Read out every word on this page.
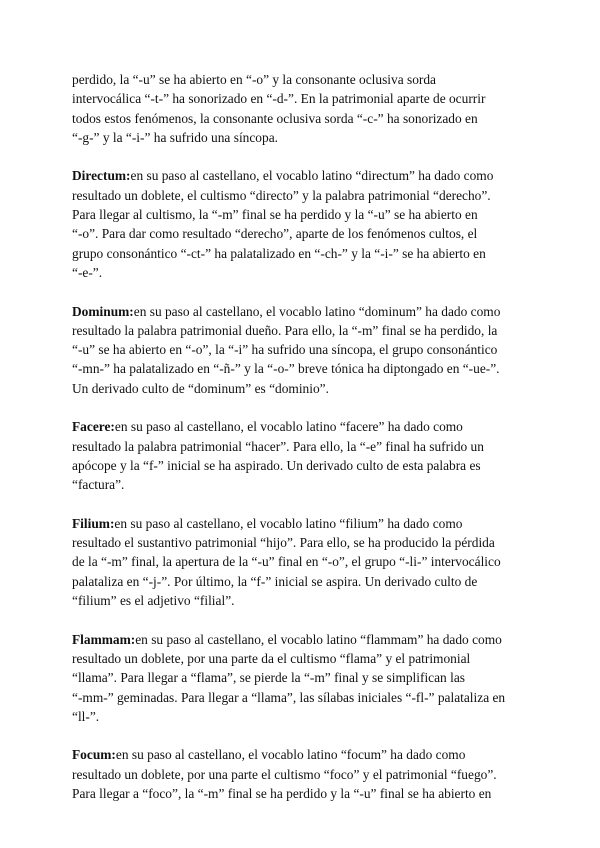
perdido, la “-u” se ha abierto en “-o” y la consonante oclusiva sorda
intervocálica “-t-” ha sonorizado en “-d-”. En la patrimonial aparte de ocurrir
todos estos fenómenos, la consonante oclusiva sorda “-c-” ha sonorizado en
“-g-” y la “-i-” ha sufrido una síncopa.

Directum:en su paso al castellano, el vocablo latino “directum” ha dado como
resultado un doblete, el cultismo “directo” y la palabra patrimonial “derecho”.
Para llegar al cultismo, la “-m” final se ha perdido y la “-u” se ha abierto en
“-o”. Para dar como resultado “derecho”, aparte de los fenómenos cultos, el
grupo consonántico “-ct-” ha palatalizado en “-ch-” y la “-i-” se ha abierto en
“-e-”.

Dominum:en su paso al castellano, el vocablo latino “dominum” ha dado como
resultado la palabra patrimonial dueño. Para ello, la “-m” final se ha perdido, la
“-u” se ha abierto en “-o”, la “-i” ha sufrido una síncopa, el grupo consonántico
“-mn-” ha palatalizado en “-ñ-” y la “-o-” breve tónica ha diptongado en “-ue-”.
Un derivado culto de “dominum” es “dominio”.

Facere:en su paso al castellano, el vocablo latino “facere” ha dado como
resultado la palabra patrimonial “hacer”. Para ello, la “-e” final ha sufrido un
apócope y la “f-” inicial se ha aspirado. Un derivado culto de esta palabra es
“factura”.

Filium:en su paso al castellano, el vocablo latino “filium” ha dado como
resultado el sustantivo patrimonial “hijo”. Para ello, se ha producido la pérdida
de la “-m” final, la apertura de la “-u” final en “-o”, el grupo “-li-” intervocálico
palataliza en “-j-”. Por último, la “f-” inicial se aspira. Un derivado culto de
“filium” es el adjetivo “filial”.

Flammam:en su paso al castellano, el vocablo latino “flammam” ha dado como
resultado un doblete, por una parte da el cultismo “flama” y el patrimonial
“llama”. Para llegar a “flama”, se pierde la “-m” final y se simplifican las
“-mm-” geminadas. Para llegar a “llama”, las sílabas iniciales “-fl-” palataliza en
“ll-”.

Focum:en su paso al castellano, el vocablo latino “focum” ha dado como
resultado un doblete, por una parte el cultismo “foco” y el patrimonial “fuego”.
Para llegar a “foco”, la “-m” final se ha perdido y la “-u” final se ha abierto en
